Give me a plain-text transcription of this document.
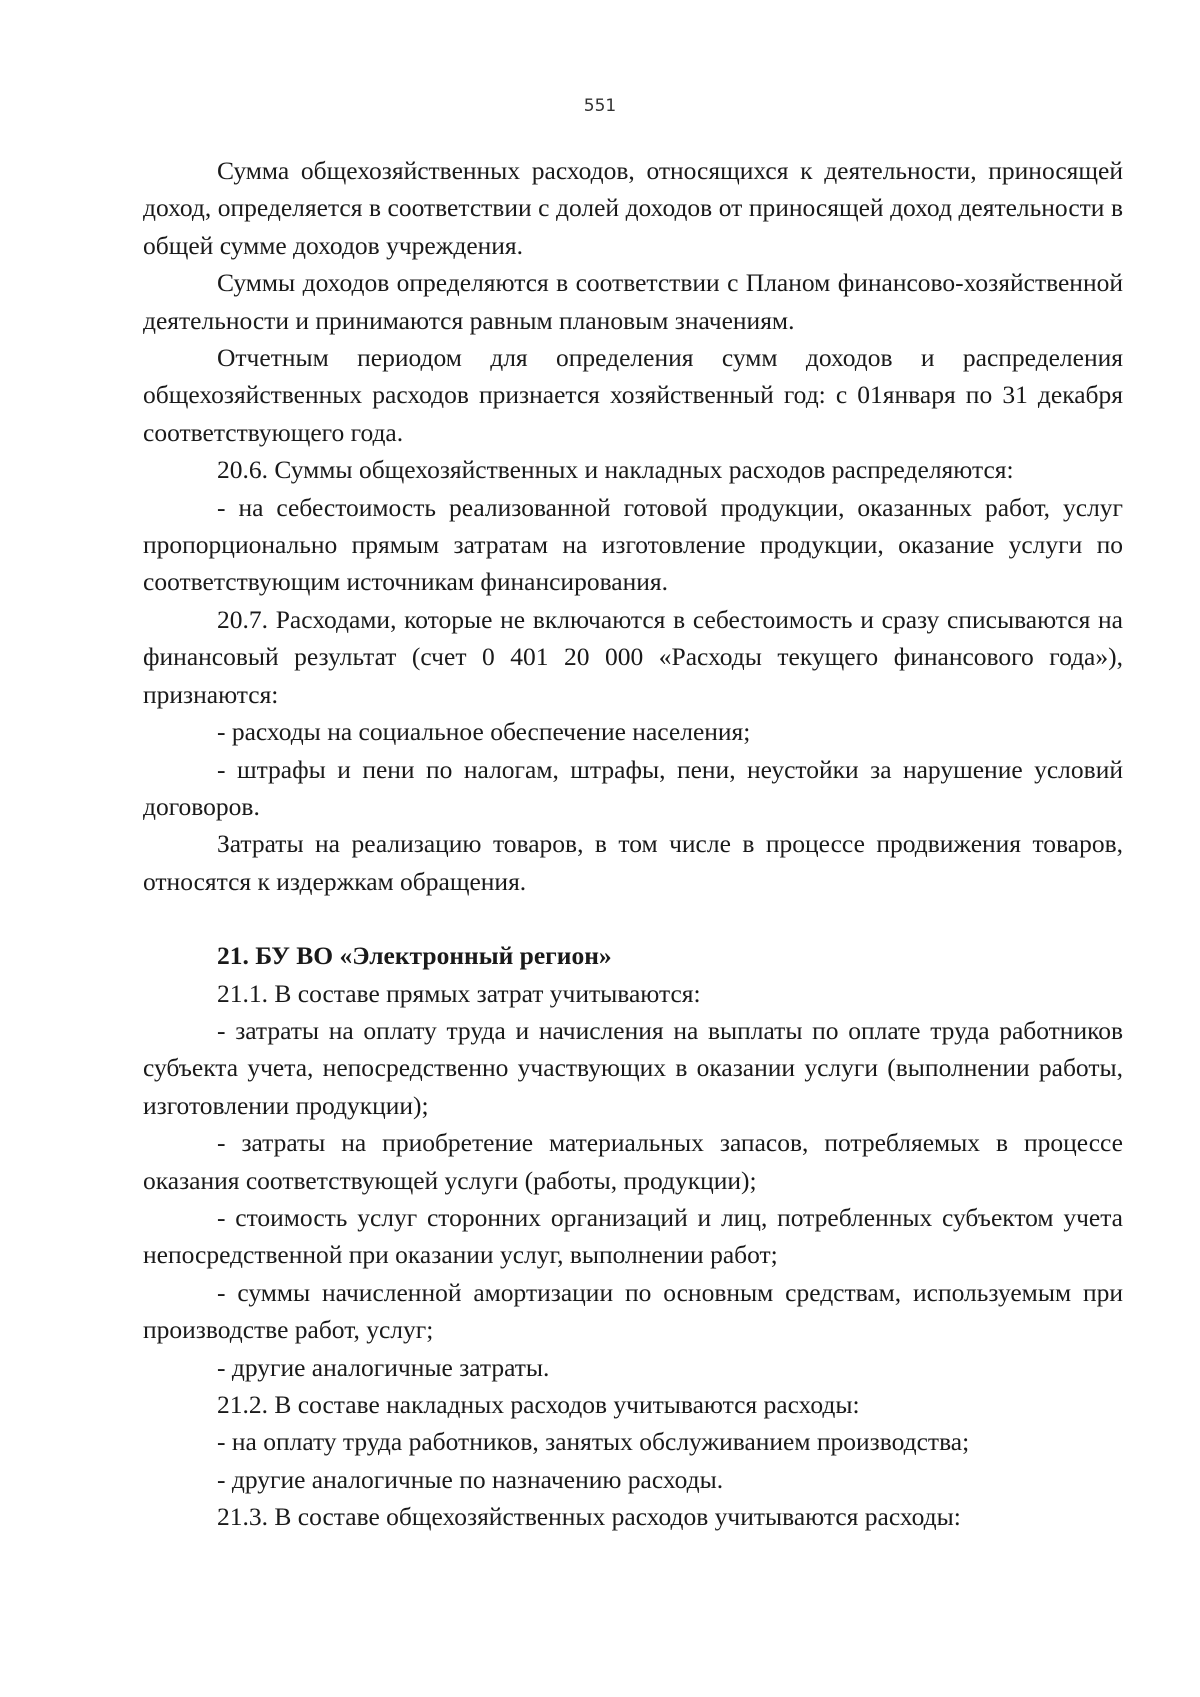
551

Сумма общехозяйственных расходов, относящихся к деятельности, приносящей доход, определяется в соответствии с долей доходов от приносящей доход деятельности в общей сумме доходов учреждения.

Суммы доходов определяются в соответствии с Планом финансово-хозяйственной деятельности и принимаются равным плановым значениям.

Отчетным периодом для определения сумм доходов и распределения общехозяйственных расходов признается хозяйственный год: с 01января по 31 декабря соответствующего года.

20.6. Суммы общехозяйственных и накладных расходов распределяются:

- на себестоимость реализованной готовой продукции, оказанных работ, услуг пропорционально прямым затратам на изготовление продукции, оказание услуги по соответствующим источникам финансирования.

20.7. Расходами, которые не включаются в себестоимость и сразу списываются на финансовый результат (счет 0 401 20 000 «Расходы текущего финансового года»), признаются:

- расходы на социальное обеспечение населения;

- штрафы и пени по налогам, штрафы, пени, неустойки за нарушение условий договоров.

Затраты на реализацию товаров, в том числе в процессе продвижения товаров, относятся к издержкам обращения.

21. БУ ВО «Электронный регион»

21.1. В составе прямых затрат учитываются:

- затраты на оплату труда и начисления на выплаты по оплате труда работников субъекта учета, непосредственно участвующих в оказании услуги (выполнении работы, изготовлении продукции);

- затраты на приобретение материальных запасов, потребляемых в процессе оказания соответствующей услуги (работы, продукции);

- стоимость услуг сторонних организаций и лиц, потребленных субъектом учета непосредственной при оказании услуг, выполнении работ;

- суммы начисленной амортизации по основным средствам, используемым при производстве работ, услуг;

- другие аналогичные затраты.

21.2. В составе накладных расходов учитываются расходы:

- на оплату труда работников, занятых обслуживанием производства;

- другие аналогичные по назначению расходы.

21.3. В составе общехозяйственных расходов учитываются расходы:
